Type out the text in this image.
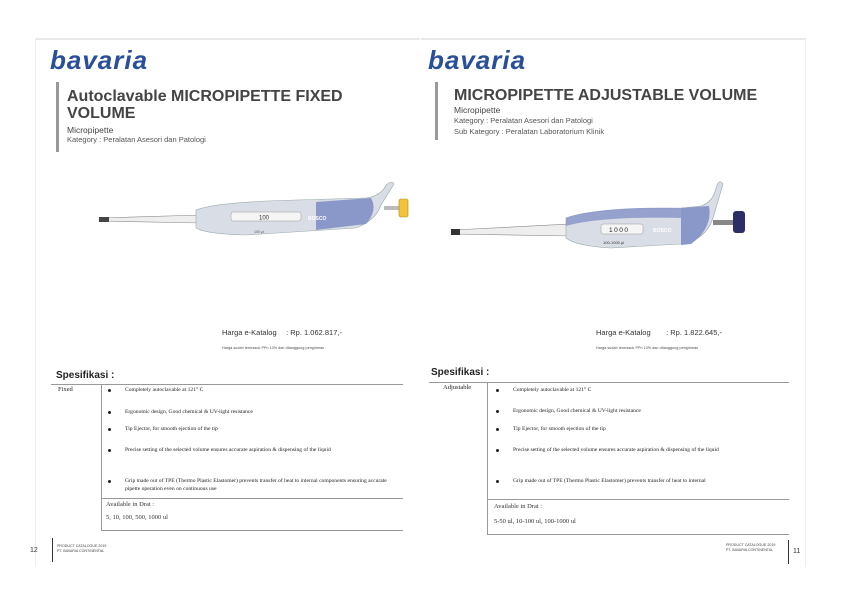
bavaria
Autoclavable MICROPIPETTE FIXED VOLUME
Micropipette
Kategory : Peralatan Asesori dan Patologi
100	BOSCO
100 µl
Harga e-Katalog : Rp. 1.062.817,-
Harga sudah termasuk PPn 10% dan ditanggung pengiriman
Spesifikasi :
Fixed	Completely autoclavable at 121° C
Ergonomic design, Good chemical & UV-light resistance
Tip Ejector, for smooth ejection of the tip
Precise setting of the selected volume ensures accurate aspiration & dispensing of the liquid
Grip made out of TPE (Thermo Plastic Elastomer) prevents transfer of heat to internal components ensuring accurate pipette operation even on continuous use
Available in Drat :
5, 10, 100, 500, 1000 ul
12
PRODUCT CATALOGUE 2019
PT. BAVARIA CONTINENTAL
bavaria
MICROPIPETTE ADJUSTABLE VOLUME
Micropipette
Kategory : Peralatan Asesori dan Patologi
Sub Kategory : Peralatan Laboratorium Klinik
1000	BOSCO
100-1000 µl
Harga e-Katalog : Rp. 1.822.645,-
Harga sudah termasuk PPn 10% dan ditanggung pengiriman
Spesifikasi :
Adjustable	Completely autoclavable at 121° C
Ergonomic design, Good chemical & UV-light resistance
Tip Ejector, for smooth ejection of the tip
Precise setting of the selected volume ensures accurate aspiration & dispensing of the liquid
Grip made out of TPE (Thermo Plastic Elastomer) prevents transfer of heat to internal
Available in Drat :
5-50 ul, 10-100 ul, 100-1000 ul
PRODUCT CATALOGUE 2019
PT. BAVARIA CONTINENTAL	11
